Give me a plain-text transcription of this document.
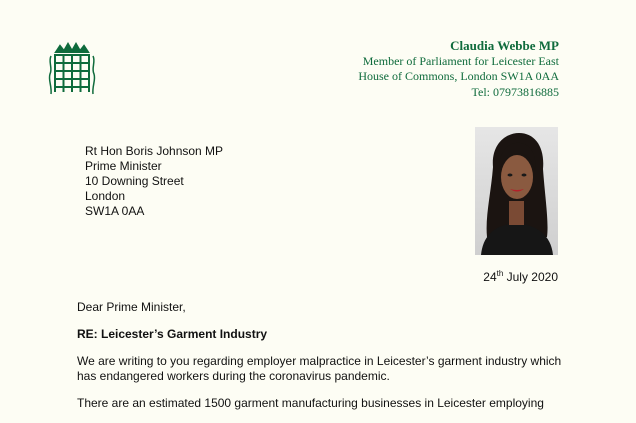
Claudia Webbe MP
Member of Parliament for Leicester East
House of Commons, London SW1A 0AA
Tel: 07973816885
Rt Hon Boris Johnson MP
Prime Minister
10 Downing Street
London
SW1A 0AA
24th July 2020

Dear Prime Minister,

RE: Leicester’s Garment Industry

We are writing to you regarding employer malpractice in Leicester’s garment industry which has endangered workers during the coronavirus pandemic.

There are an estimated 1500 garment manufacturing businesses in Leicester employing
